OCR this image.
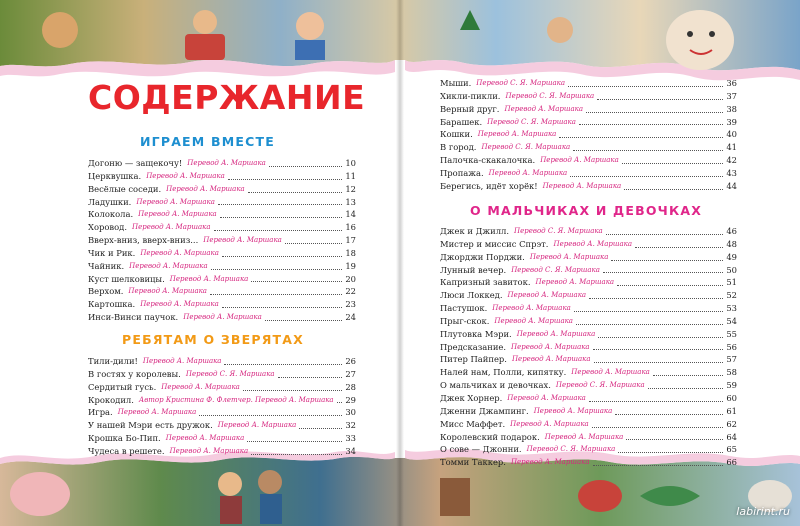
СОДЕРЖАНИЕ
ИГРАЕМ ВМЕСТЕ
Догоню — защекочу! Перевод А. Маршака	10
Церквушка. Перевод А. Маршака	11
Весёлые соседи. Перевод А. Маршака	12
Ладушки. Перевод А. Маршака	13
Колокола. Перевод А. Маршака	14
Хоровод. Перевод А. Маршака	16
Вверх-вниз, вверх-вниз... Перевод А. Маршака	17
Чик и Рик. Перевод А. Маршака	18
Чайник. Перевод А. Маршака	19
Куст шелковицы. Перевод А. Маршака	20
Верхом. Перевод А. Маршака	22
Картошка. Перевод А. Маршака	23
Инси-Винси паучок. Перевод А. Маршака	24
РЕБЯТАМ О ЗВЕРЯТАХ
Тили-дили! Перевод А. Маршака	26
В гостях у королевы. Перевод С. Я. Маршака	27
Сердитый гусь. Перевод А. Маршака	28
Крокодил. Автор Кристина Ф. Флетчер. Перевод А. Маршака 29
Игра. Перевод А. Маршака	30
У нашей Мэри есть дружок. Перевод А. Маршака	32
Крошка Бо-Пип. Перевод А. Маршака	33
Чудеса в решете. Перевод А. Маршака	34
Мыши. Перевод С. Я. Маршака	36
Хикли-пикли. Перевод С. Я. Маршака	37
Верный друг. Перевод А. Маршака	38
Барашек. Перевод С. Я. Маршака	39
Кошки. Перевод А. Маршака	40
В город. Перевод С. Я. Маршака	41
Палочка-скакалочка. Перевод А. Маршака	42
Пропажа. Перевод А. Маршака	43
Берегись, идёт хорёк! Перевод А. Маршака	44
О МАЛЬЧИКАХ И ДЕВОЧКАХ
Джек и Джилл. Перевод С. Я. Маршака	46
Мистер и миссис Спрэт. Перевод А. Маршака	48
Джорджи Порджи. Перевод А. Маршака	49
Лунный вечер. Перевод С. Я. Маршака	50
Капризный завиток. Перевод А. Маршака	51
Люси Локкед. Перевод А. Маршака	52
Пастушок. Перевод А. Маршака	53
Прыг-скок. Перевод А. Маршака	54
Плутовка Мэри. Перевод А. Маршака	55
Предсказание. Перевод А. Маршака	56
Питер Пайпер. Перевод А. Маршака	57
Налей нам, Полли, кипятку. Перевод А. Маршака	58
О мальчиках и девочках. Перевод С. Я. Маршака	59
Джек Хорнер. Перевод А. Маршака	60
Дженни Джампинг. Перевод А. Маршака	61
Мисс Маффет. Перевод А. Маршака	62
Королевский подарок. Перевод А. Маршака	64
О сове — Джонни. Перевод С. Я. Маршака	65
Томми Таккер. Перевод А. Маршака	66
labirint.ru
